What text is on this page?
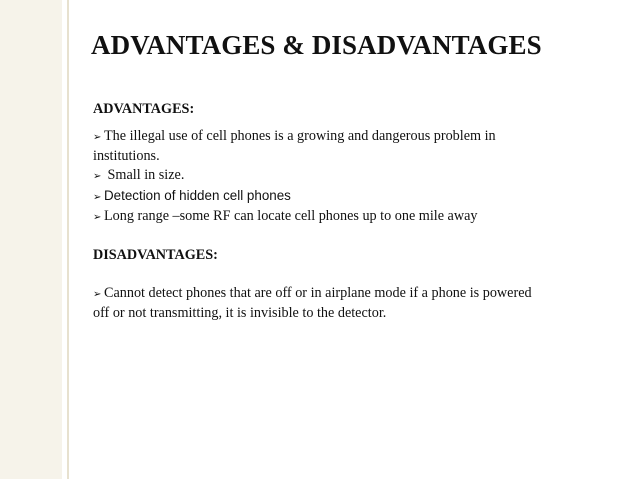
ADVANTAGES & DISADVANTAGES
ADVANTAGES:
➢ The illegal use of cell phones is a growing and dangerous problem in
institutions.
➢ Small in size.
➢ Detection of hidden cell phones
➢ Long range –some RF can locate cell phones up to one mile away
DISADVANTAGES:
➢ Cannot detect phones that are off or in airplane mode if a phone is powered
off or not transmitting, it is invisible to the detector.
